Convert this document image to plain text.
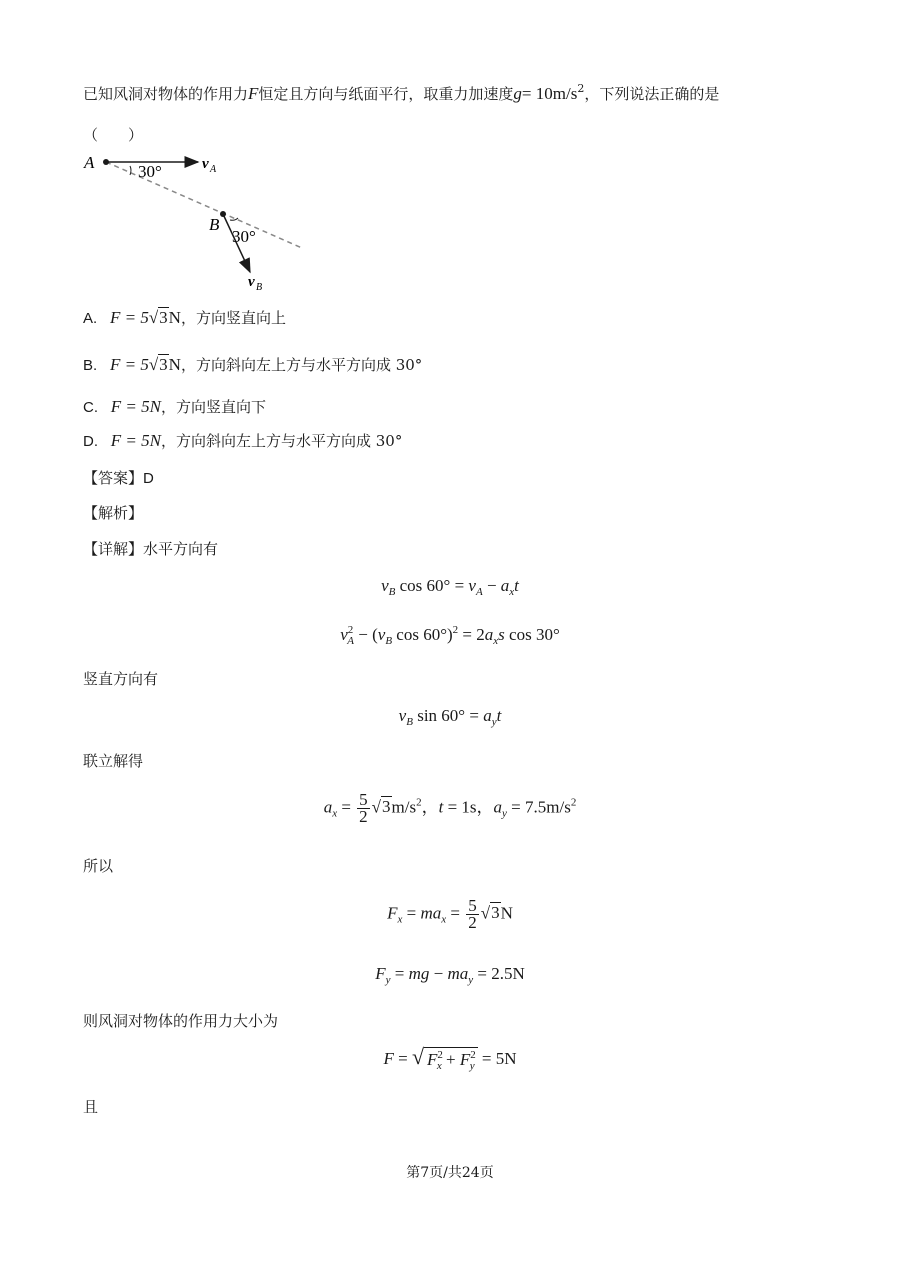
已知风洞对物体的作用力F恒定且方向与纸面平行，取重力加速度$g= 10m/s^2$，下列说法正确的是
（　　）
A	v A
30°
B
30°
v B
A. F = 5√3N，方向竖直向上
B. F = 5√3N，方向斜向左上方与水平方向成 30°
C. F = 5N，方向竖直向下
D. F = 5N，方向斜向左上方与水平方向成 30°
【答案】D
【解析】
【详解】水平方向有
$v_B$ $\cos 60^\circ = v_A - a_xt$
$v^2_A - (v_B$ $\cos 60^\circ)^2 = 2a_xs$ cos 30°
竖直方向有
$v_B$ $\sin 60^\circ = a_yt$
联立解得
$a_x = \frac{5}{2} √3m/s^2$，t = 1s，$a_y = 7.5m/s^2$
所以
$F_x = ma_x = \frac{5}{2} √3N$
$F_y$ = mg − $ma_y = 2.5N$
则风洞对物体的作用力大小为
F = √ $F^2_x + F^2_y = 5N$
且
第7页/共24页
